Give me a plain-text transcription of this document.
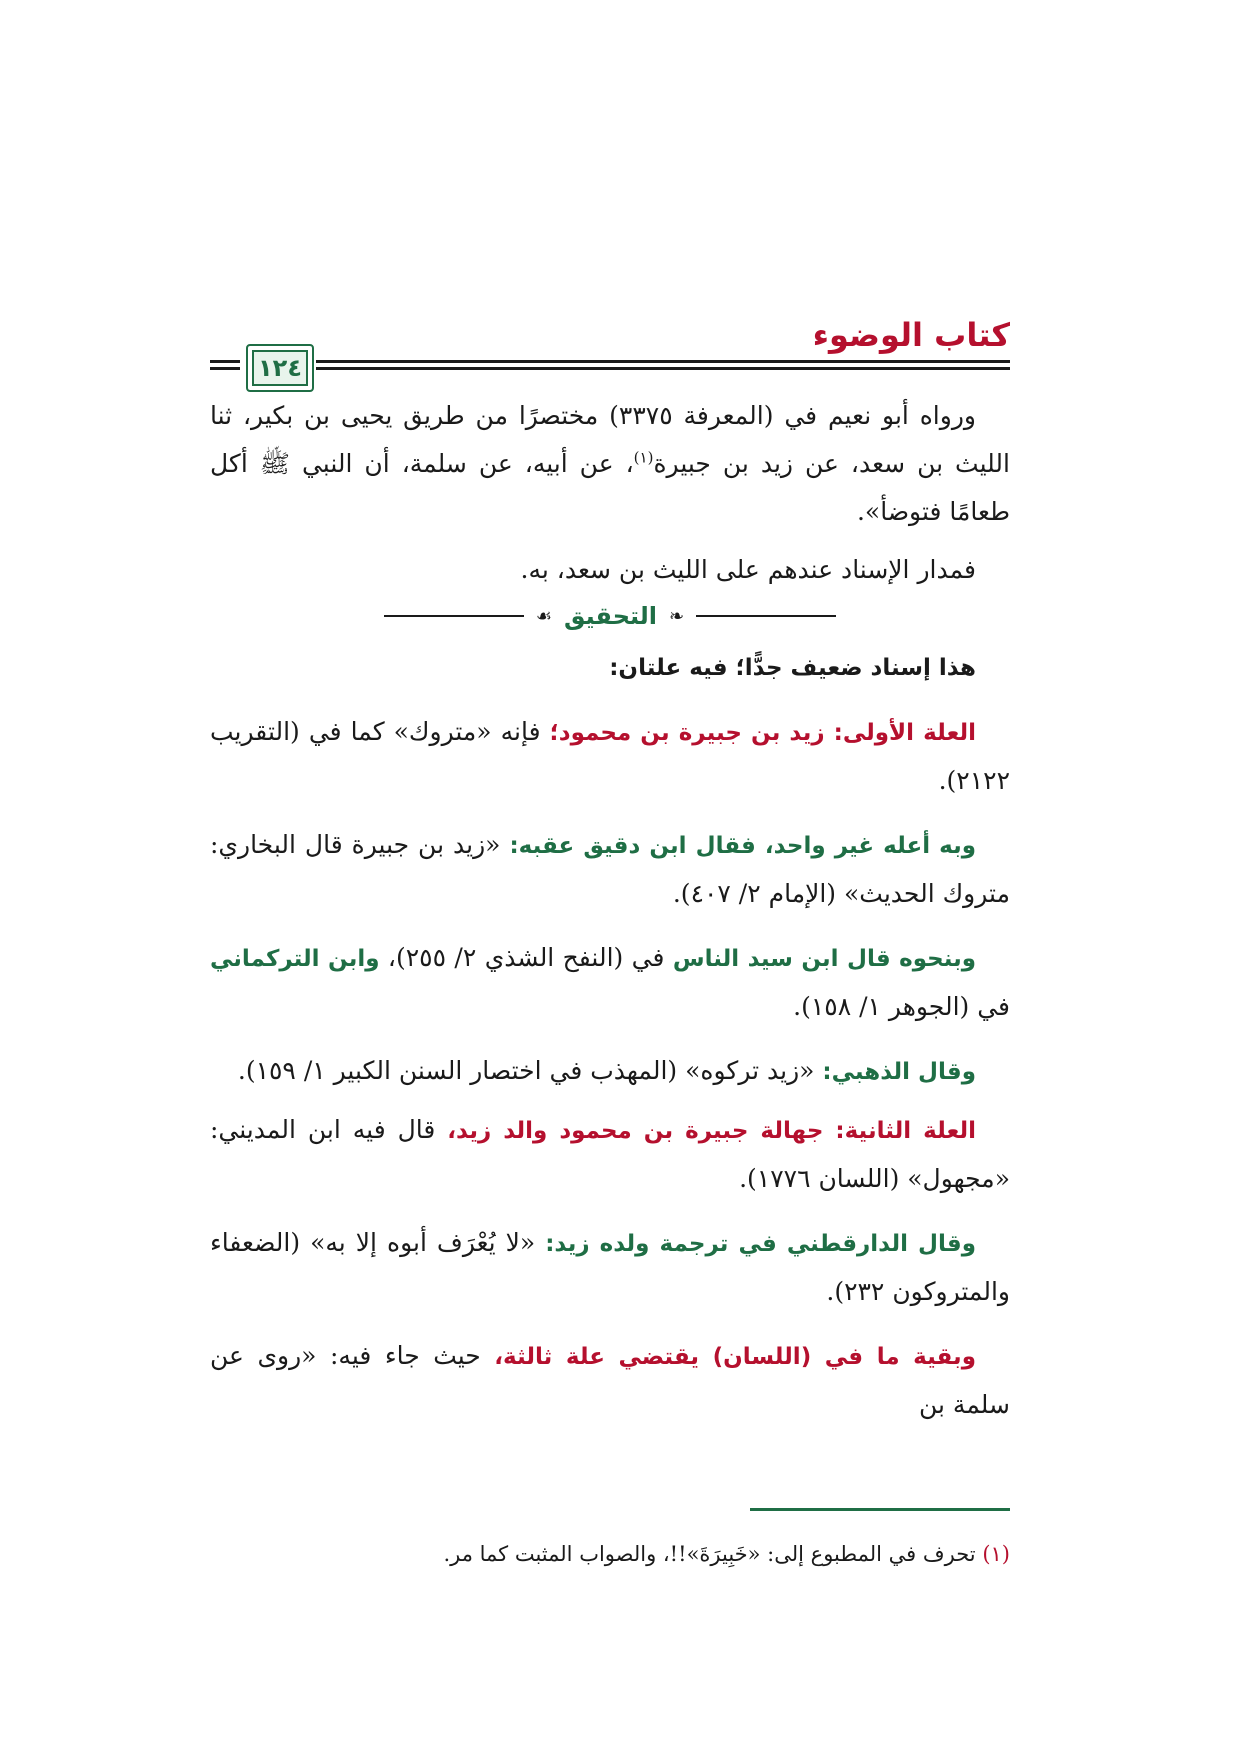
كتاب الوضوء
١٢٤

ورواه أبو نعيم في (المعرفة ٣٣٧٥) مختصرًا من طريق يحيى بن بكير، ثنا الليث بن سعد، عن زيد بن جبيرة$^{(١)}$، عن أبيه، عن سلمة، أن النبي ﷺ أكل طعامًا فتوضأ».

فمدار الإسناد عندهم على الليث بن سعد، به.

❧
التحقيق
☙

هذا إسناد ضعيف جدًّا؛ فيه علتان:

العلة الأولى: زيد بن جبيرة بن محمود؛ فإنه «متروك» كما في (التقريب ٢١٢٢).

وبه أعله غير واحد، فقال ابن دقيق عقبه: «زيد بن جبيرة قال البخاري: متروك الحديث» (الإمام ٢/ ٤٠٧).

وبنحوه قال ابن سيد الناس في (النفح الشذي ٢/ ٢٥٥)، وابن التركماني في (الجوهر ١/ ١٥٨).

وقال الذهبي: «زيد تركوه» (المهذب في اختصار السنن الكبير ١/ ١٥٩).

العلة الثانية: جهالة جبيرة بن محمود والد زيد، قال فيه ابن المديني: «مجهول» (اللسان ١٧٧٦).

وقال الدارقطني في ترجمة ولده زيد: «لا يُعْرَف أبوه إلا به» (الضعفاء والمتروكون ٢٣٢).

وبقية ما في (اللسان) يقتضي علة ثالثة، حيث جاء فيه: «روى عن سلمة بن

(١) تحرف في المطبوع إلى: «خَبِيرَةَ»!!، والصواب المثبت كما مر.
